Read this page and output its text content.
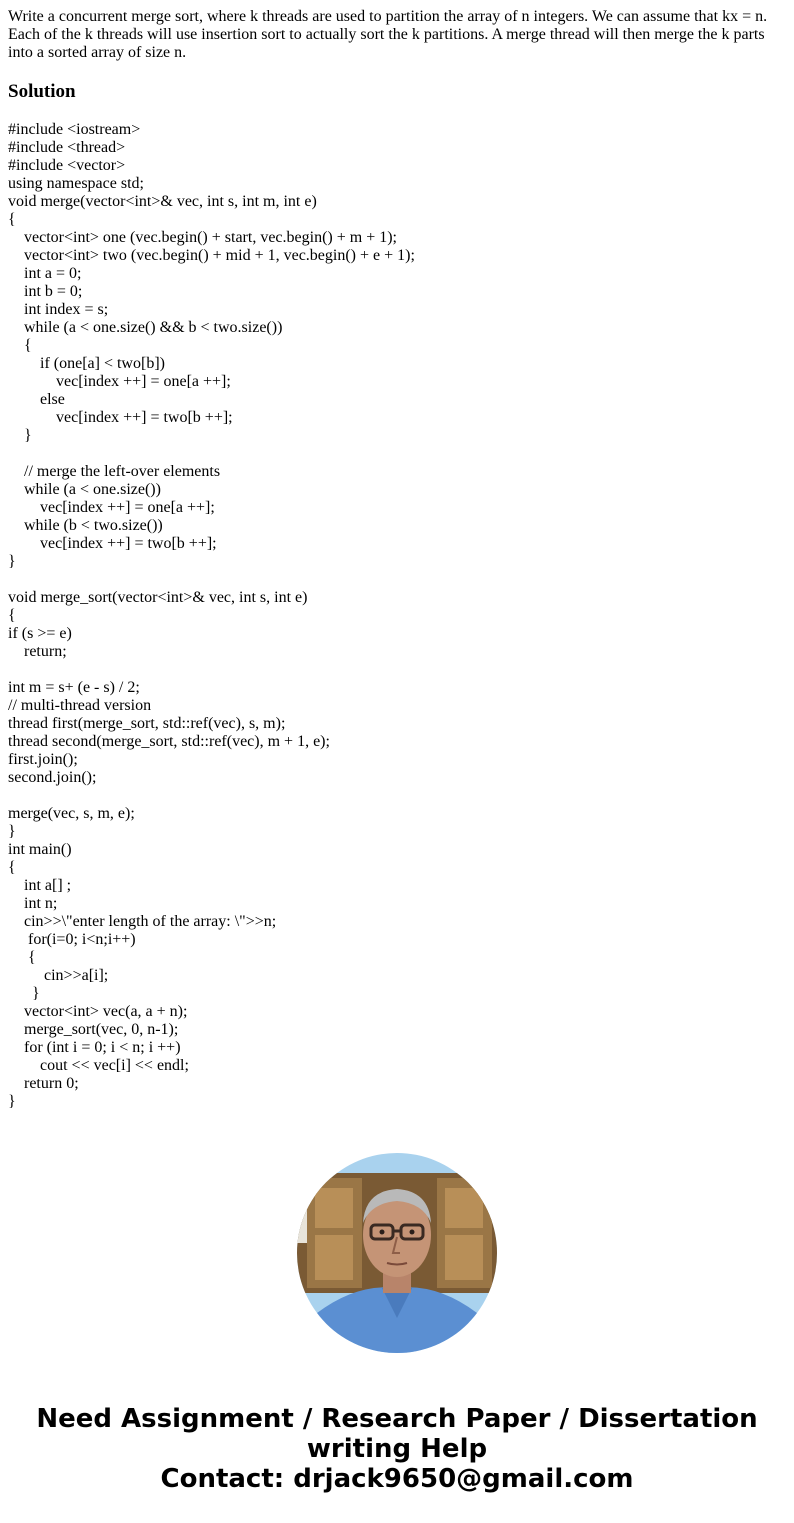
Write a concurrent merge sort, where k threads are used to partition the array of n integers. We can assume that kx = n. Each of the k threads will use insertion sort to actually sort the k partitions. A merge thread will then merge the k parts into a sorted array of size n.

Solution
#include <iostream>
#include <thread>
#include <vector>
using namespace std;
void merge(vector<int>& vec, int s, int m, int e)
{
vector<int> one (vec.begin() + start, vec.begin() + m + 1);
vector<int> two (vec.begin() + mid + 1, vec.begin() + e + 1);
int a = 0;
int b = 0;
int index = s;
while (a < one.size() && b < two.size())
{
if (one[a] < two[b])
vec[index ++] = one[a ++];
else
vec[index ++] = two[b ++];
}

// merge the left-over elements
while (a < one.size())
vec[index ++] = one[a ++];
while (b < two.size())
vec[index ++] = two[b ++];
}

void merge_sort(vector<int>& vec, int s, int e)
{
if (s >= e)
return;

int m = s+ (e - s) / 2;
// multi-thread version
thread first(merge_sort, std::ref(vec), s, m);
thread second(merge_sort, std::ref(vec), m + 1, e);
first.join();
second.join();

merge(vec, s, m, e);
}
int main()
{
int a[] ;
int n;
cin>>\"enter length of the array: \">>n;
for(i=0; i<n;i++)
{
cin>>a[i];
}
vector<int> vec(a, a + n);
merge_sort(vec, 0, n-1);
for (int i = 0; i < n; i ++)
cout << vec[i] << endl;
return 0;
}
Need Assignment / Research Paper / Dissertation
writing Help
Contact: drjack9650@gmail.com
